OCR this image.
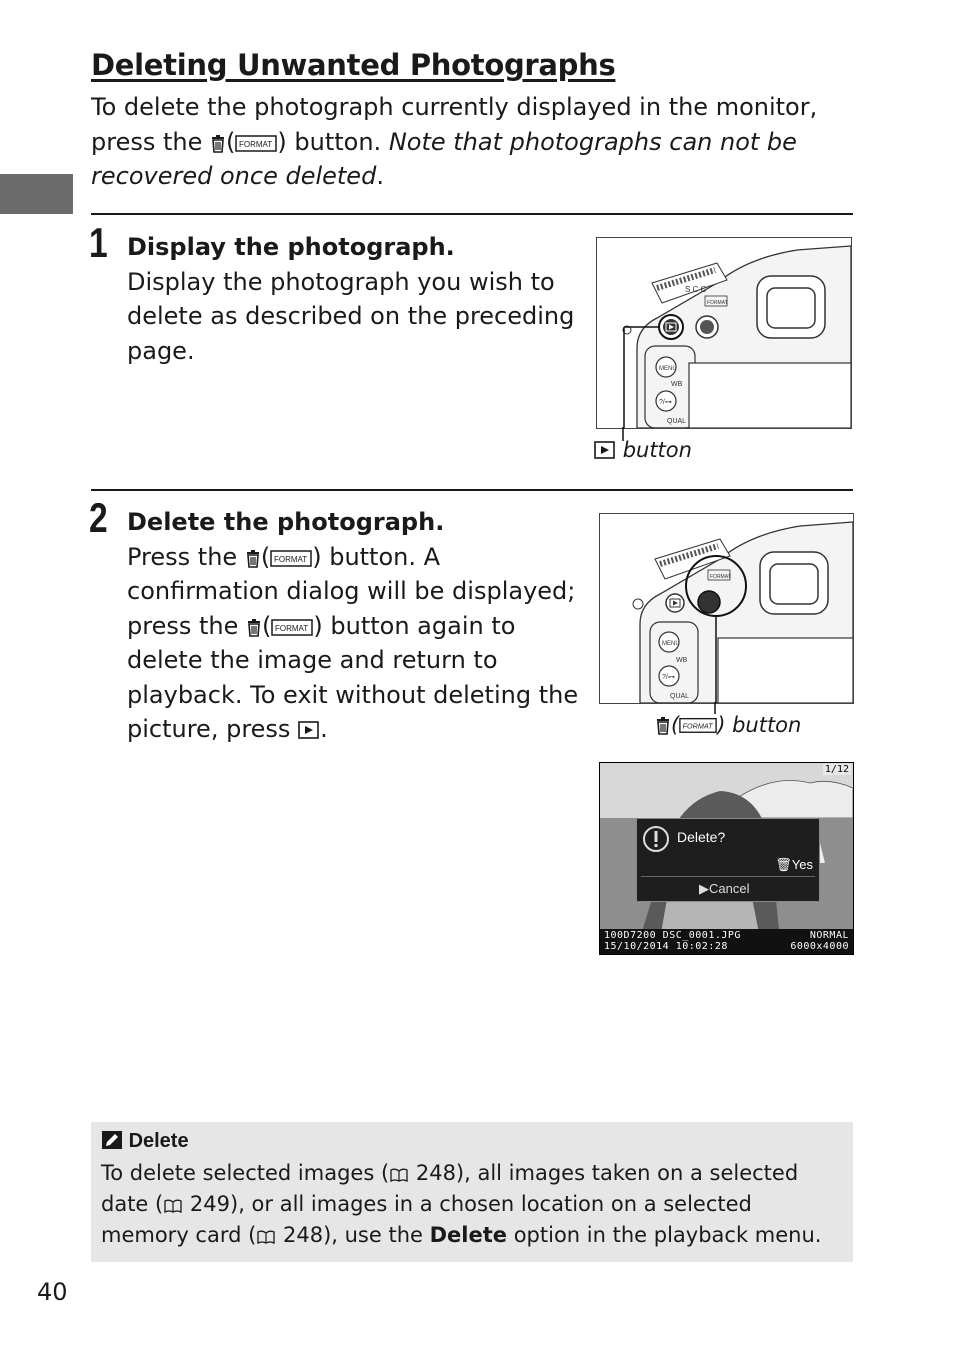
Deleting Unwanted Photographs
To delete the photograph currently displayed in the monitor, press the ( FORMAT ) button. Note that photographs can not be recovered once deleted.
1 Display the photograph.
Display the photograph you wish to delete as described on the preceding page.
S C C
FORMAT
MENU
WB
?/⊶
QUAL
button
2 Delete the photograph.
Press the ( FORMAT ) button. A confirmation dialog will be displayed; press the ( FORMAT ) button again to delete the image and return to playback. To exit without deleting the picture, press .
FORMAT
MENU
WB
?/⊶
QUAL
( FORMAT ) button
1/12
Delete?
🗑Yes
▶Cancel
100D7200 DSC_0001.JPG	NORMAL
15/10/2014 10:02:28	6000x4000
Delete
To delete selected images ( 248), all images taken on a selected date ( 249), or all images in a chosen location on a selected memory card ( 248), use the Delete option in the playback menu.
40
